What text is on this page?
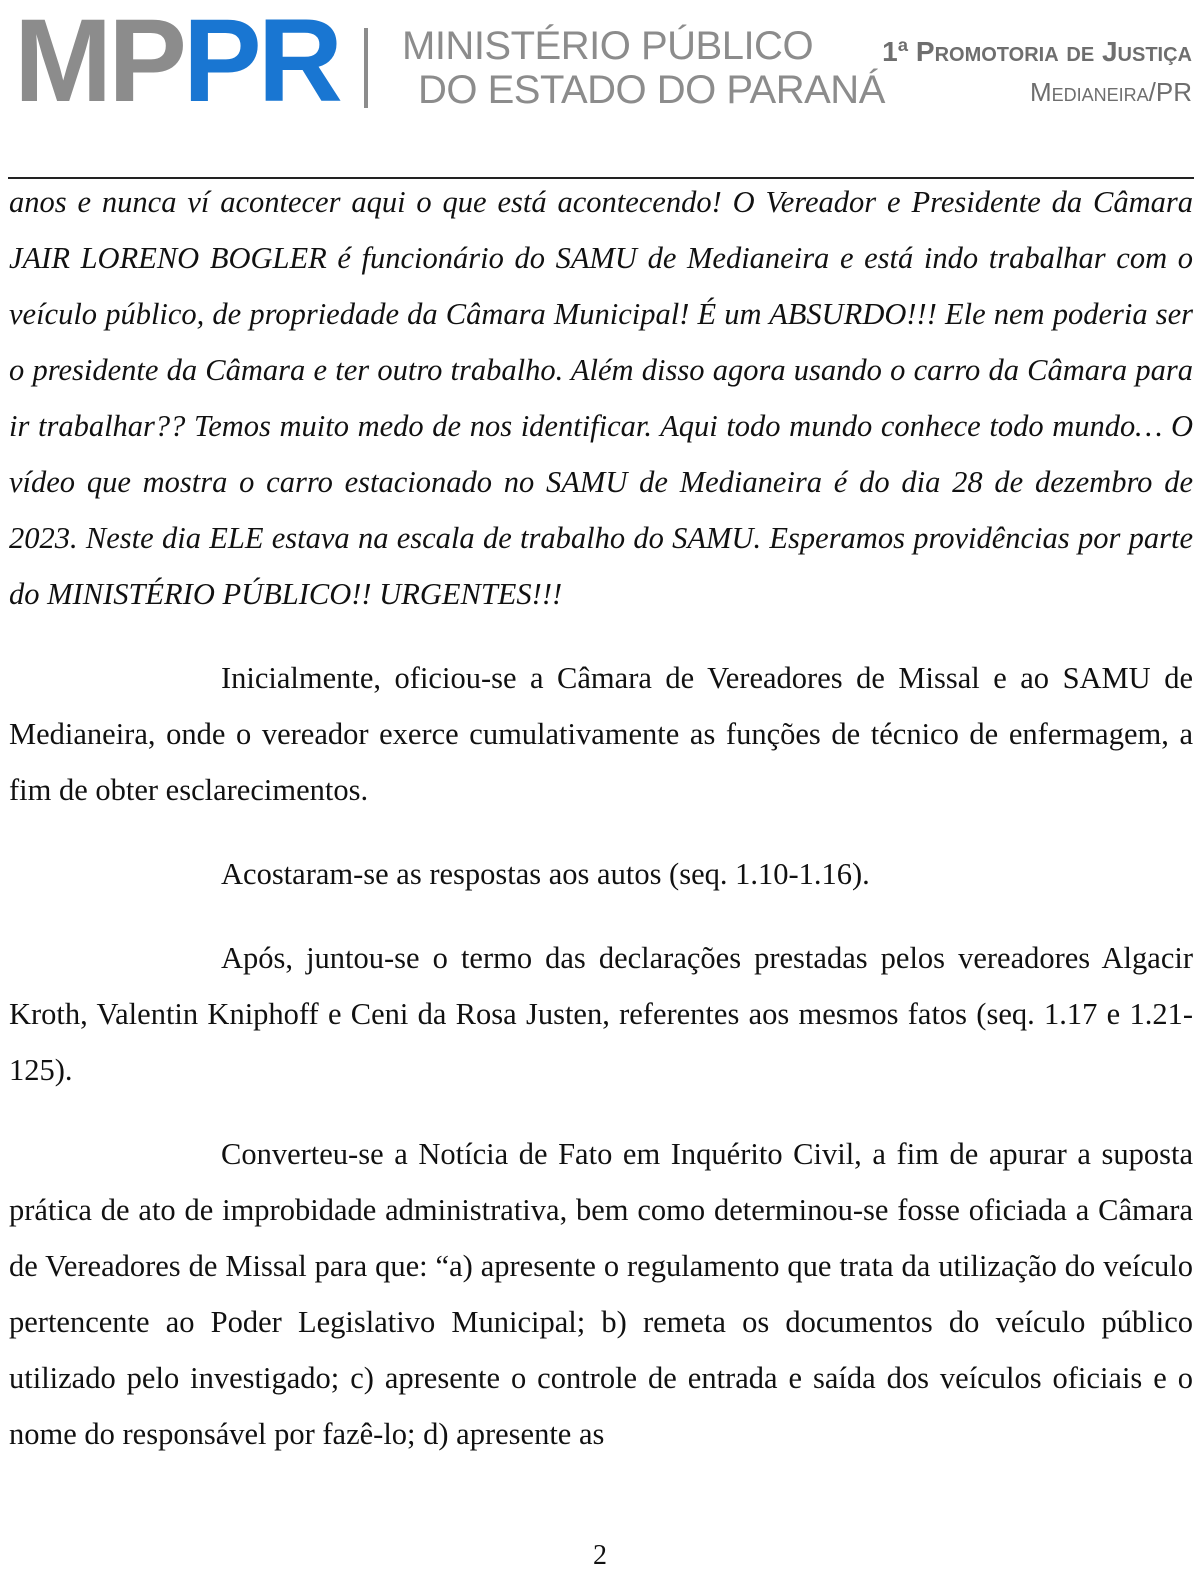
MPPR MINISTÉRIO PÚBLICO
DO ESTADO DO PARANÁ
1ª Promotoria de Justiça
Medianeira/PR

anos e nunca ví acontecer aqui o que está acontecendo! O Vereador e Presidente da Câmara JAIR LORENO BOGLER é funcionário do SAMU de Medianeira e está indo trabalhar com o veículo público, de propriedade da Câmara Municipal! É um ABSURDO!!! Ele nem poderia ser o presidente da Câmara e ter outro trabalho. Além disso agora usando o carro da Câmara para ir trabalhar?? Temos muito medo de nos identificar. Aqui todo mundo conhece todo mundo… O vídeo que mostra o carro estacionado no SAMU de Medianeira é do dia 28 de dezembro de 2023. Neste dia ELE estava na escala de trabalho do SAMU. Esperamos providências por parte do MINISTÉRIO PÚBLICO!! URGENTES!!!

Inicialmente, oficiou-se a Câmara de Vereadores de Missal e ao SAMU de Medianeira, onde o vereador exerce cumulativamente as funções de técnico de enfermagem, a fim de obter esclarecimentos.

Acostaram-se as respostas aos autos (seq. 1.10-1.16).

Após, juntou-se o termo das declarações prestadas pelos vereadores Algacir Kroth, Valentin Kniphoff e Ceni da Rosa Justen, referentes aos mesmos fatos (seq. 1.17 e 1.21-125).

Converteu-se a Notícia de Fato em Inquérito Civil, a fim de apurar a suposta prática de ato de improbidade administrativa, bem como determinou-se fosse oficiada a Câmara de Vereadores de Missal para que: “a) apresente o regulamento que trata da utilização do veículo pertencente ao Poder Legislativo Municipal; b) remeta os documentos do veículo público utilizado pelo investigado; c) apresente o controle de entrada e saída dos veículos oficiais e o nome do responsável por fazê-lo; d) apresente as

2
